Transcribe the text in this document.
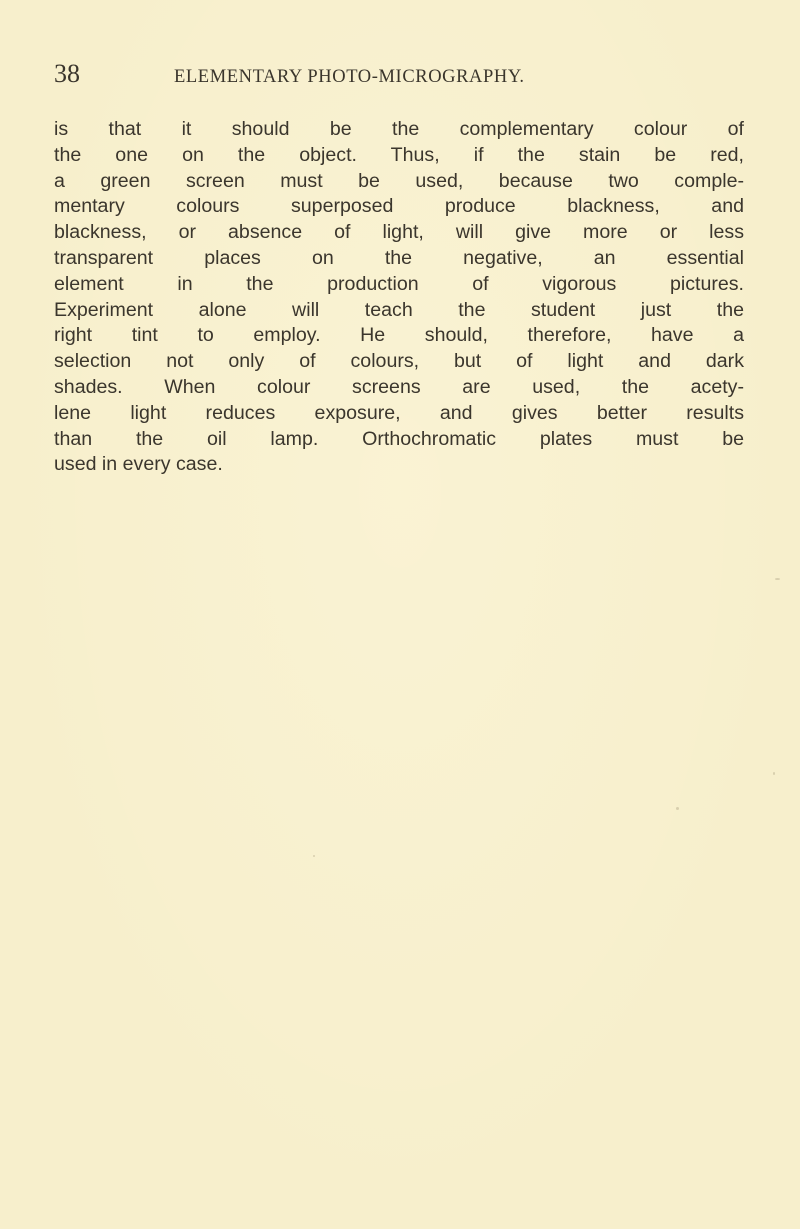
38	ELEMENTARY PHOTO-MICROGRAPHY.

is that it should be the complementary colour of
the one on the object. Thus, if the stain be red,
a green screen must be used, because two comple-
mentary colours superposed produce blackness, and
blackness, or absence of light, will give more or less
transparent places on the negative, an essential
element in the production of vigorous pictures.
Experiment alone will teach the student just the
right tint to employ. He should, therefore, have a
selection not only of colours, but of light and dark
shades. When colour screens are used, the acety-
lene light reduces exposure, and gives better results
than the oil lamp. Orthochromatic plates must be
used in every case.
